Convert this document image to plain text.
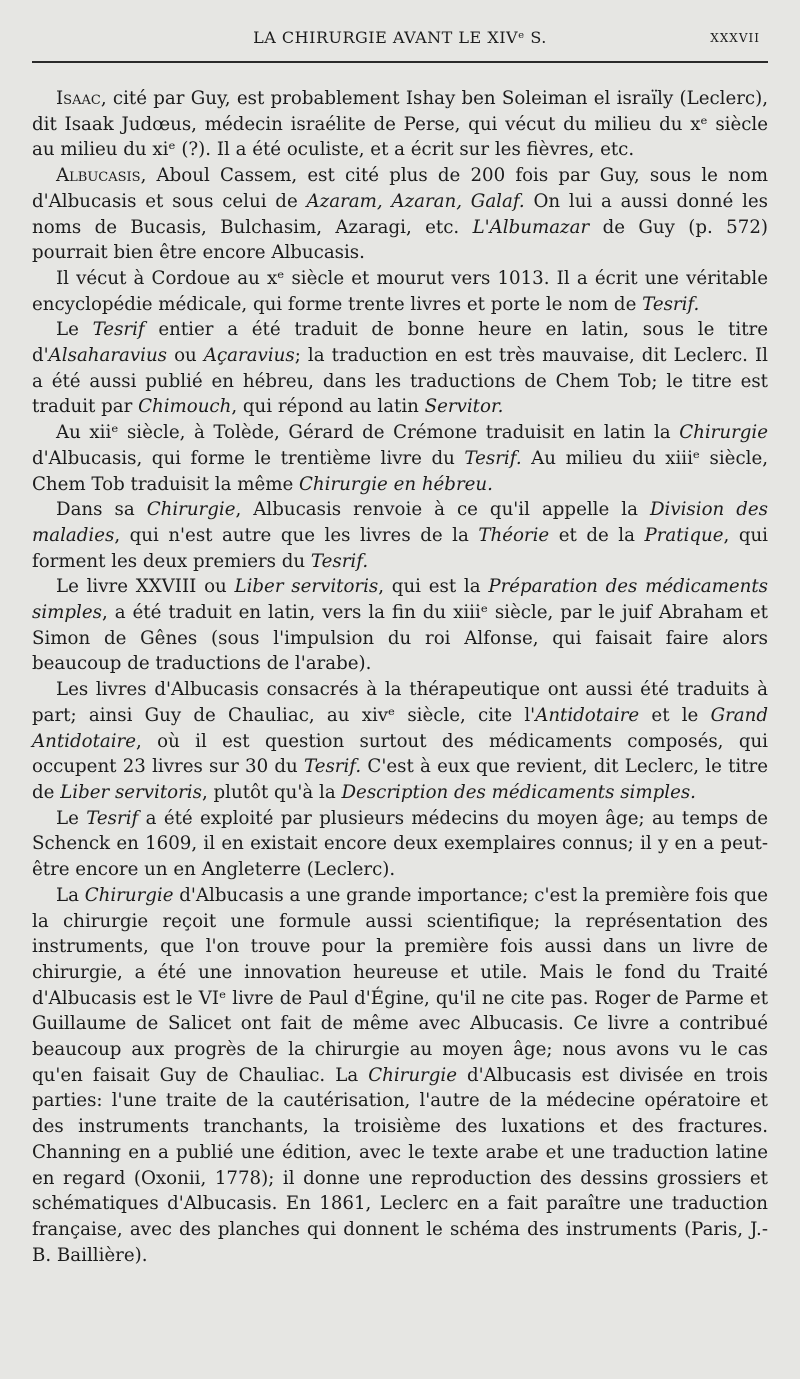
LA CHIRURGIE AVANT LE XIVᵉ S.	XXXVII

Isaac, cité par Guy, est probablement Ishay ben Soleiman el israïly (Leclerc), dit Isaak Judœus, médecin israélite de Perse, qui vécut du milieu du xᵉ siècle au milieu du xiᵉ (?). Il a été oculiste, et a écrit sur les fièvres, etc.

Albucasis, Aboul Cassem, est cité plus de 200 fois par Guy, sous le nom d'Albucasis et sous celui de Azaram, Azaran, Galaf. On lui a aussi donné les noms de Bucasis, Bulchasim, Azaragi, etc. L'Albumazar de Guy (p. 572) pourrait bien être encore Albucasis.

Il vécut à Cordoue au xᵉ siècle et mourut vers 1013. Il a écrit une véritable encyclopédie médicale, qui forme trente livres et porte le nom de Tesrif.

Le Tesrif entier a été traduit de bonne heure en latin, sous le titre d'Alsaharavius ou Açaravius; la traduction en est très mauvaise, dit Leclerc. Il a été aussi publié en hébreu, dans les traductions de Chem Tob; le titre est traduit par Chimouch, qui répond au latin Servitor.

Au xiiᵉ siècle, à Tolède, Gérard de Crémone traduisit en latin la Chirurgie d'Albucasis, qui forme le trentième livre du Tesrif. Au milieu du xiiiᵉ siècle, Chem Tob traduisit la même Chirurgie en hébreu.

Dans sa Chirurgie, Albucasis renvoie à ce qu'il appelle la Division des maladies, qui n'est autre que les livres de la Théorie et de la Pratique, qui forment les deux premiers du Tesrif.

Le livre XXVIII ou Liber servitoris, qui est la Préparation des médicaments simples, a été traduit en latin, vers la fin du xiiiᵉ siècle, par le juif Abraham et Simon de Gênes (sous l'impulsion du roi Alfonse, qui faisait faire alors beaucoup de traductions de l'arabe).

Les livres d'Albucasis consacrés à la thérapeutique ont aussi été traduits à part; ainsi Guy de Chauliac, au xivᵉ siècle, cite l'Antidotaire et le Grand Antidotaire, où il est question surtout des médicaments composés, qui occupent 23 livres sur 30 du Tesrif. C'est à eux que revient, dit Leclerc, le titre de Liber servitoris, plutôt qu'à la Description des médicaments simples.

Le Tesrif a été exploité par plusieurs médecins du moyen âge; au temps de Schenck en 1609, il en existait encore deux exemplaires connus; il y en a peut-être encore un en Angleterre (Leclerc).

La Chirurgie d'Albucasis a une grande importance; c'est la première fois que la chirurgie reçoit une formule aussi scientifique; la représentation des instruments, que l'on trouve pour la première fois aussi dans un livre de chirurgie, a été une innovation heureuse et utile. Mais le fond du Traité d'Albucasis est le VIᵉ livre de Paul d'Égine, qu'il ne cite pas. Roger de Parme et Guillaume de Salicet ont fait de même avec Albucasis. Ce livre a contribué beaucoup aux progrès de la chirurgie au moyen âge; nous avons vu le cas qu'en faisait Guy de Chauliac. La Chirurgie d'Albucasis est divisée en trois parties: l'une traite de la cautérisation, l'autre de la médecine opératoire et des instruments tranchants, la troisième des luxations et des fractures. Channing en a publié une édition, avec le texte arabe et une traduction latine en regard (Oxonii, 1778); il donne une reproduction des dessins grossiers et schématiques d'Albucasis. En 1861, Leclerc en a fait paraître une traduction française, avec des planches qui donnent le schéma des instruments (Paris, J.-B. Baillière).
